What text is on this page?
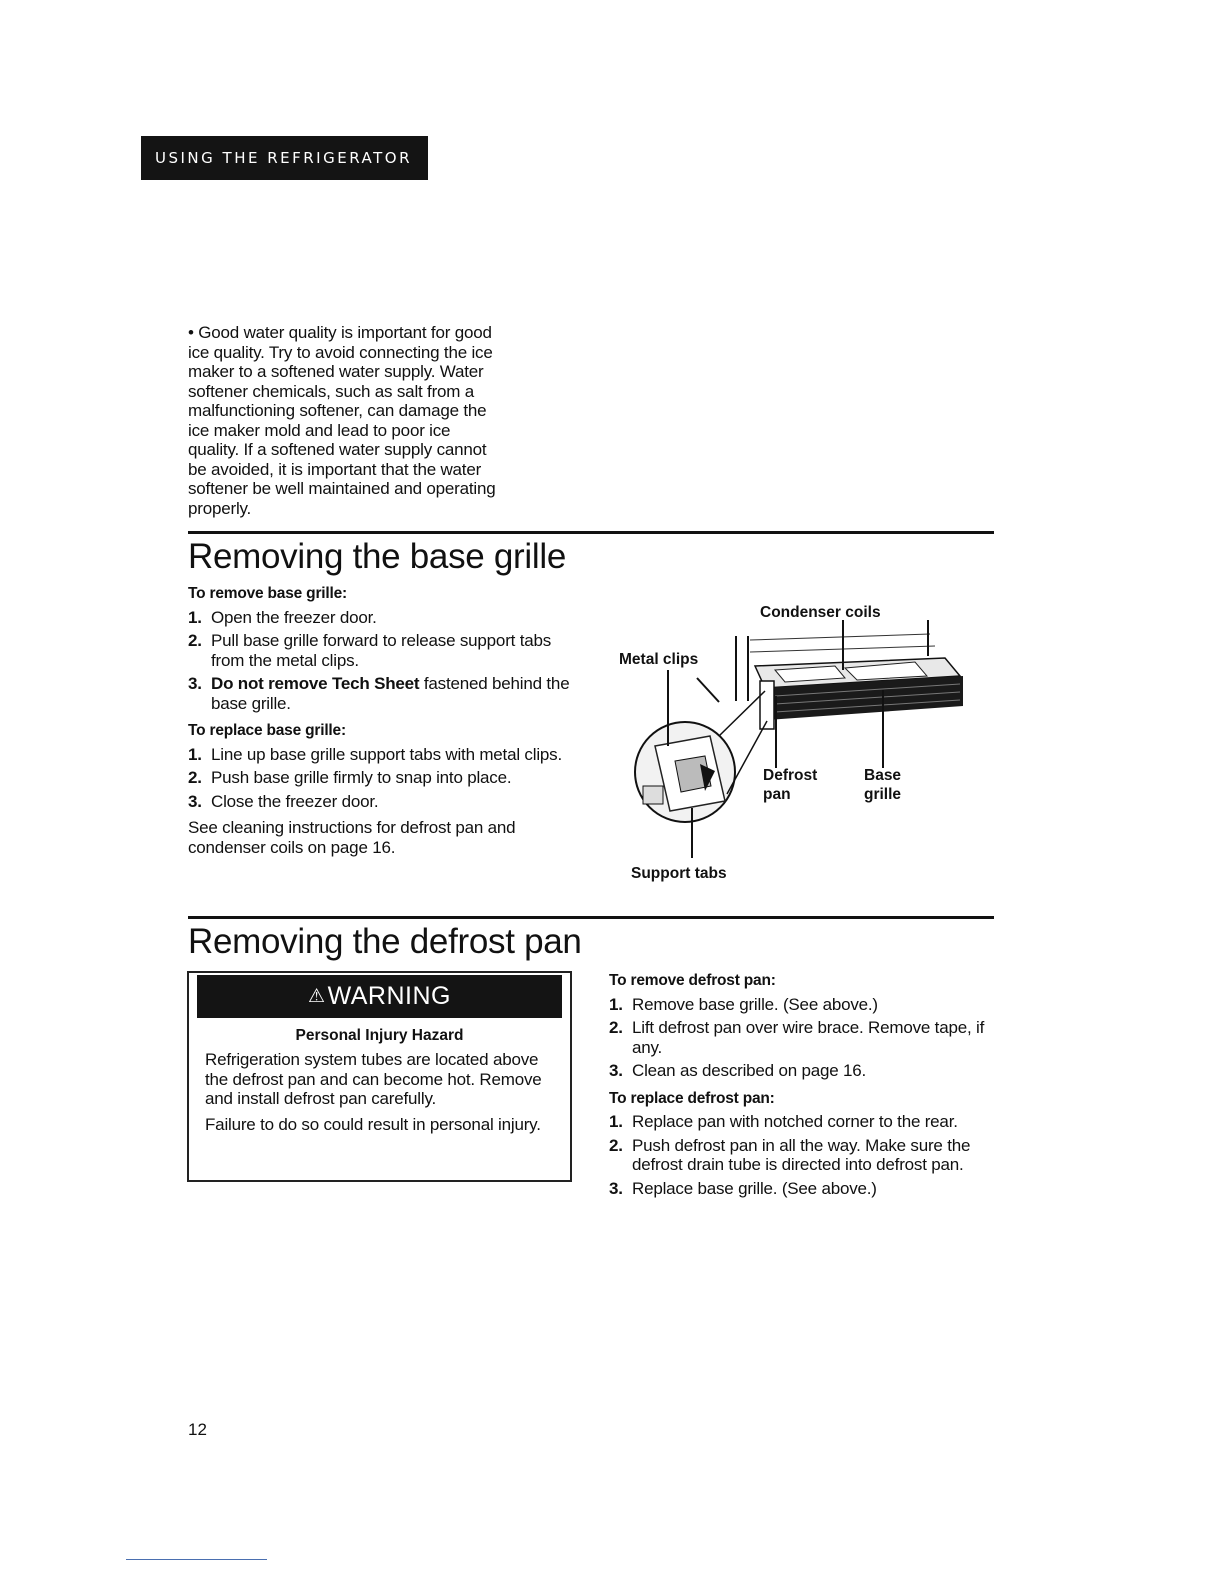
USING THE REFRIGERATOR
• Good water quality is important for good
ice quality. Try to avoid connecting the ice
maker to a softened water supply. Water
softener chemicals, such as salt from a
malfunctioning softener, can damage the
ice maker mold and lead to poor ice
quality. If a softened water supply cannot
be avoided, it is important that the water
softener be well maintained and operating
properly.
Removing the base grille

To remove base grille:

1. Open the freezer door.
2. Pull base grille forward to release support tabs from the metal clips.
3. Do not remove Tech Sheet fastened behind the base grille.

To replace base grille:

1. Line up base grille support tabs with metal clips.
2. Push base grille firmly to snap into place.
3. Close the freezer door.

See cleaning instructions for defrost pan and condenser coils on page 16.

Condenser coils
Metal clips
Defrost
pan
Base
grille
Support tabs
Removing the defrost pan
⚠WARNING
Personal Injury Hazard

Refrigeration system tubes are located above the defrost pan and can become hot. Remove and install defrost pan carefully.

Failure to do so could result in personal injury.

To remove defrost pan:

1. Remove base grille. (See above.)
2. Lift defrost pan over wire brace. Remove tape, if any.
3. Clean as described on page 16.

To replace defrost pan:

1. Replace pan with notched corner to the rear.
2. Push defrost pan in all the way. Make sure the defrost drain tube is directed into defrost pan.
3. Replace base grille. (See above.)
12
